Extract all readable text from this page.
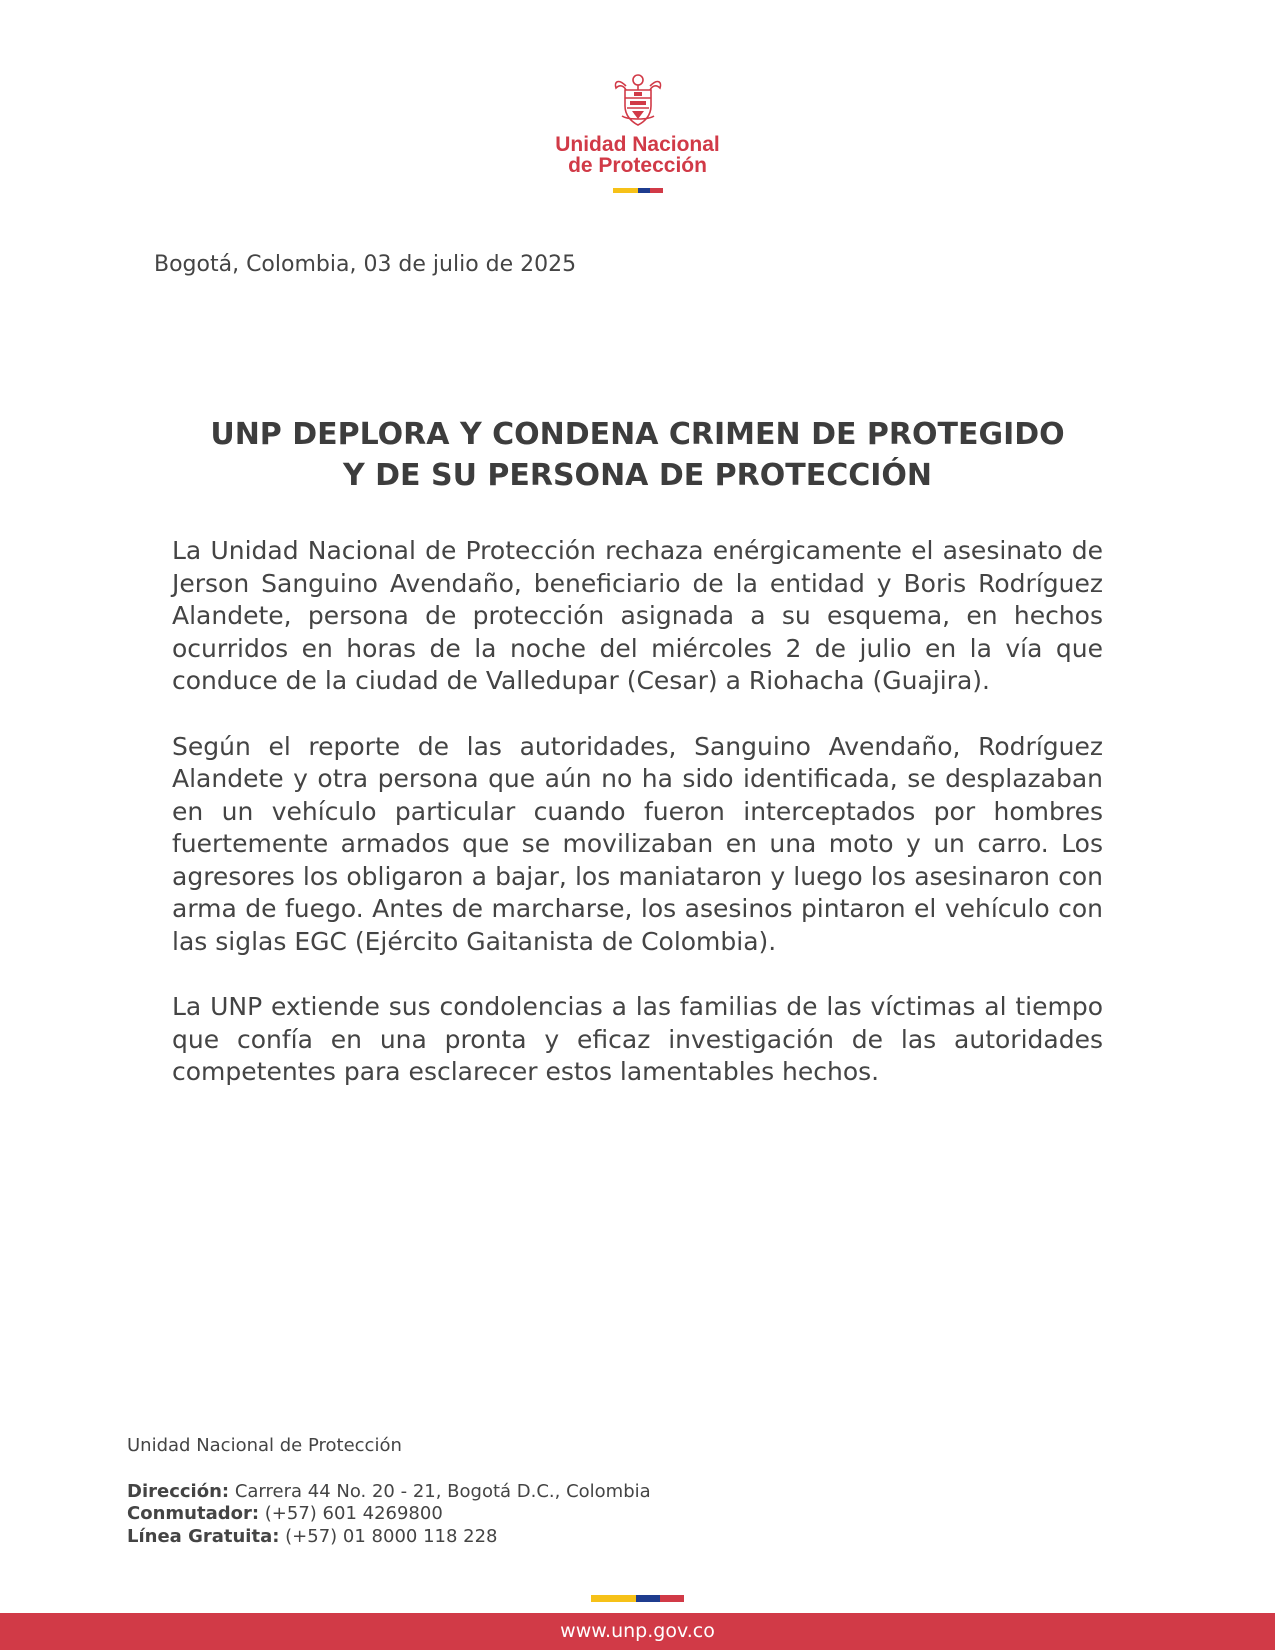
Unidad Nacional
de Protección
Bogotá, Colombia, 03 de julio de 2025
UNP DEPLORA Y CONDENA CRIMEN DE PROTEGIDO
Y DE SU PERSONA DE PROTECCIÓN

La Unidad Nacional de Protección rechaza enérgicamente el asesinato de Jerson Sanguino Avendaño, beneficiario de la entidad y Boris Rodríguez Alandete, persona de protección asignada a su esquema, en hechos ocurridos en horas de la noche del miércoles 2 de julio en la vía que conduce de la ciudad de Valledupar (Cesar) a Riohacha (Guajira).

Según el reporte de las autoridades, Sanguino Avendaño, Rodríguez Alandete y otra persona que aún no ha sido identificada, se desplazaban en un vehículo particular cuando fueron interceptados por hombres fuertemente armados que se movilizaban en una moto y un carro. Los agresores los obligaron a bajar, los maniataron y luego los asesinaron con arma de fuego. Antes de marcharse, los asesinos pintaron el vehículo con las siglas EGC (Ejército Gaitanista de Colombia).

La UNP extiende sus condolencias a las familias de las víctimas al tiempo que confía en una pronta y eficaz investigación de las autoridades competentes para esclarecer estos lamentables hechos.

Unidad Nacional de Protección
Dirección: Carrera 44 No. 20 - 21, Bogotá D.C., Colombia
Conmutador: (+57) 601 4269800
Línea Gratuita: (+57) 01 8000 118 228
www.unp.gov.co
